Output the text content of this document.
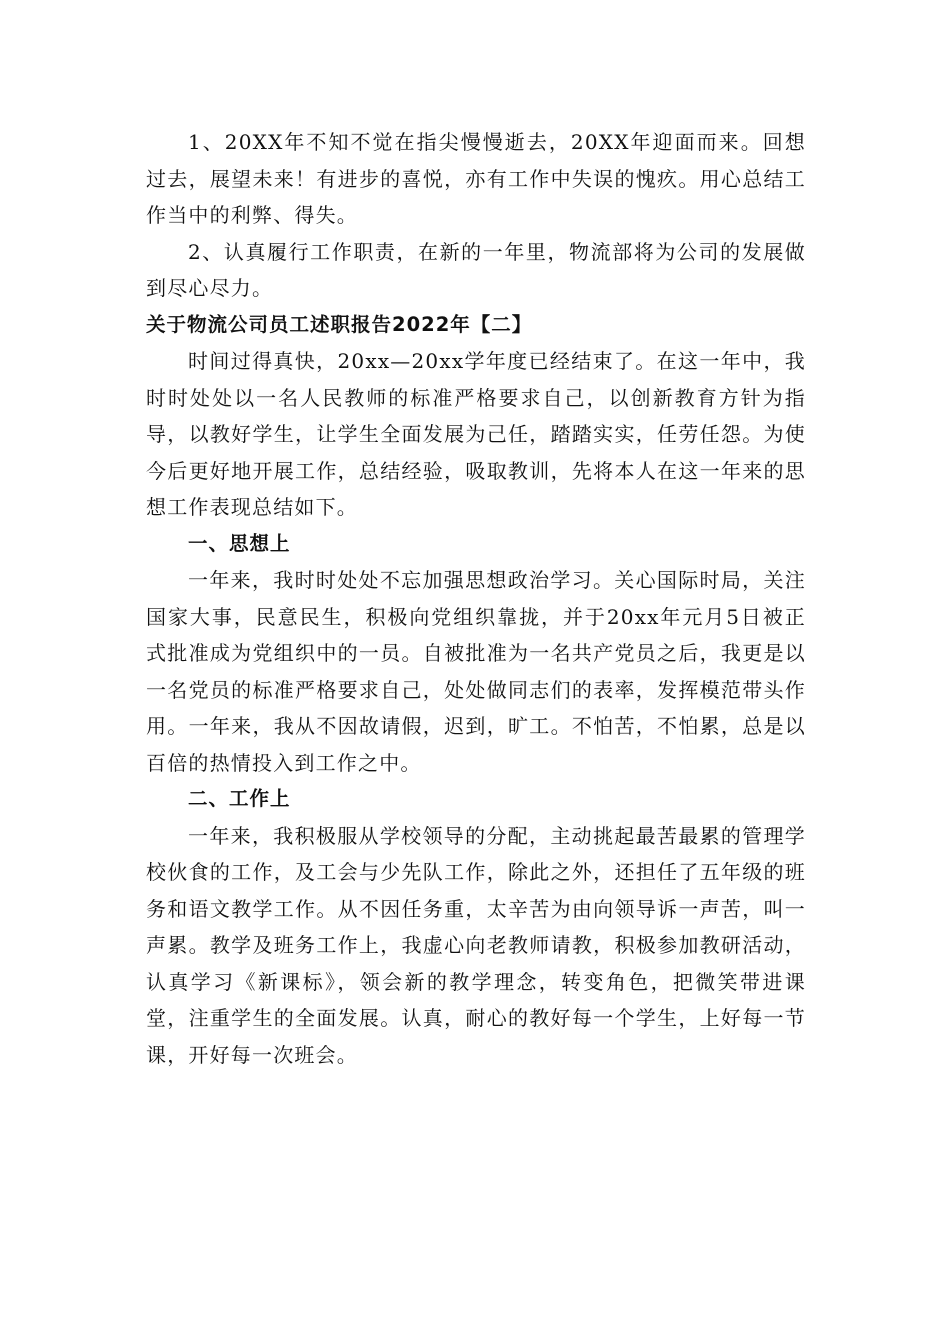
1、20XX年不知不觉在指尖慢慢逝去，20XX年迎面而来。回想过去，展望未来！有进步的喜悦，亦有工作中失误的愧疚。用心总结工作当中的利弊、得失。

2、认真履行工作职责，在新的一年里，物流部将为公司的发展做到尽心尽力。

关于物流公司员工述职报告2022年【二】

时间过得真快，20xx—20xx学年度已经结束了。在这一年中，我时时处处以一名人民教师的标准严格要求自己，以创新教育方针为指导，以教好学生，让学生全面发展为己任，踏踏实实，任劳任怨。为使今后更好地开展工作，总结经验，吸取教训，先将本人在这一年来的思想工作表现总结如下。

一、思想上

一年来，我时时处处不忘加强思想政治学习。关心国际时局，关注国家大事，民意民生，积极向党组织靠拢，并于20xx年元月5日被正式批准成为党组织中的一员。自被批准为一名共产党员之后，我更是以一名党员的标准严格要求自己，处处做同志们的表率，发挥模范带头作用。一年来，我从不因故请假，迟到，旷工。不怕苦，不怕累，总是以百倍的热情投入到工作之中。

二、工作上

一年来，我积极服从学校领导的分配，主动挑起最苦最累的管理学校伙食的工作，及工会与少先队工作，除此之外，还担任了五年级的班务和语文教学工作。从不因任务重，太辛苦为由向领导诉一声苦，叫一声累。教学及班务工作上，我虚心向老教师请教，积极参加教研活动，认真学习《新课标》，领会新的教学理念，转变角色，把微笑带进课堂，注重学生的全面发展。认真，耐心的教好每一个学生，上好每一节课，开好每一次班会。
